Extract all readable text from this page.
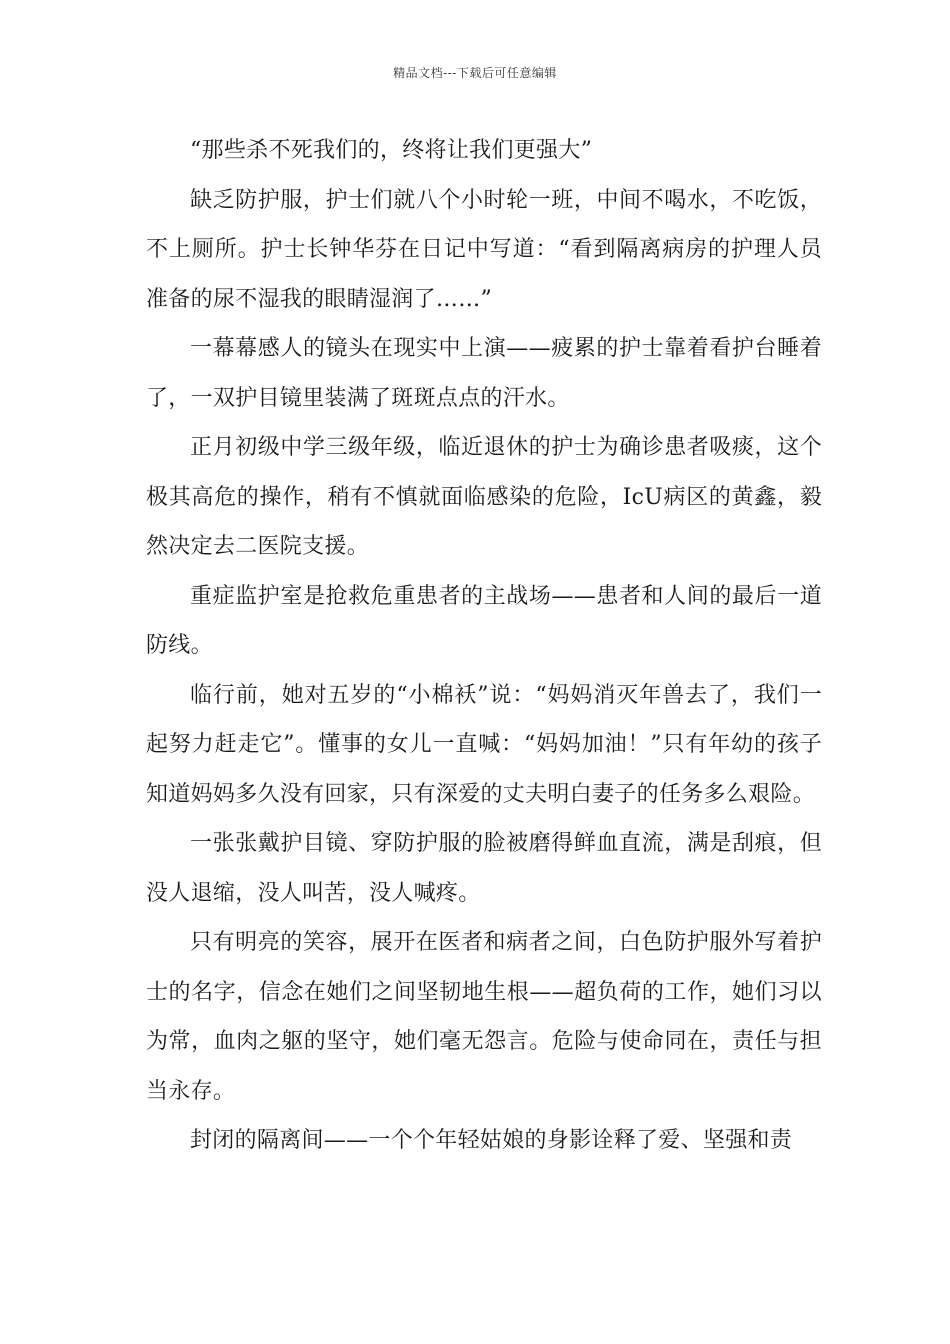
精品文档---下载后可任意编辑

“那些杀不死我们的，终将让我们更强大”

缺乏防护服，护士们就八个小时轮一班，中间不喝水，不吃饭，不上厕所。护士长钟华芬在日记中写道：“看到隔离病房的护理人员准备的尿不湿我的眼睛湿润了……”

一幕幕感人的镜头在现实中上演——疲累的护士靠着看护台睡着了，一双护目镜里装满了斑斑点点的汗水。

正月初级中学三级年级，临近退休的护士为确诊患者吸痰，这个极其高危的操作，稍有不慎就面临感染的危险，IcU病区的黄鑫，毅然决定去二医院支援。

重症监护室是抢救危重患者的主战场——患者和人间的最后一道防线。

临行前，她对五岁的“小棉袄”说：“妈妈消灭年兽去了，我们一起努力赶走它”。懂事的女儿一直喊：“妈妈加油！”只有年幼的孩子知道妈妈多久没有回家，只有深爱的丈夫明白妻子的任务多么艰险。

一张张戴护目镜、穿防护服的脸被磨得鲜血直流，满是刮痕，但没人退缩，没人叫苦，没人喊疼。

只有明亮的笑容，展开在医者和病者之间，白色防护服外写着护士的名字，信念在她们之间坚韧地生根——超负荷的工作，她们习以为常，血肉之躯的坚守，她们毫无怨言。危险与使命同在，责任与担当永存。

封闭的隔离间——一个个年轻姑娘的身影诠释了爱、坚强和责
